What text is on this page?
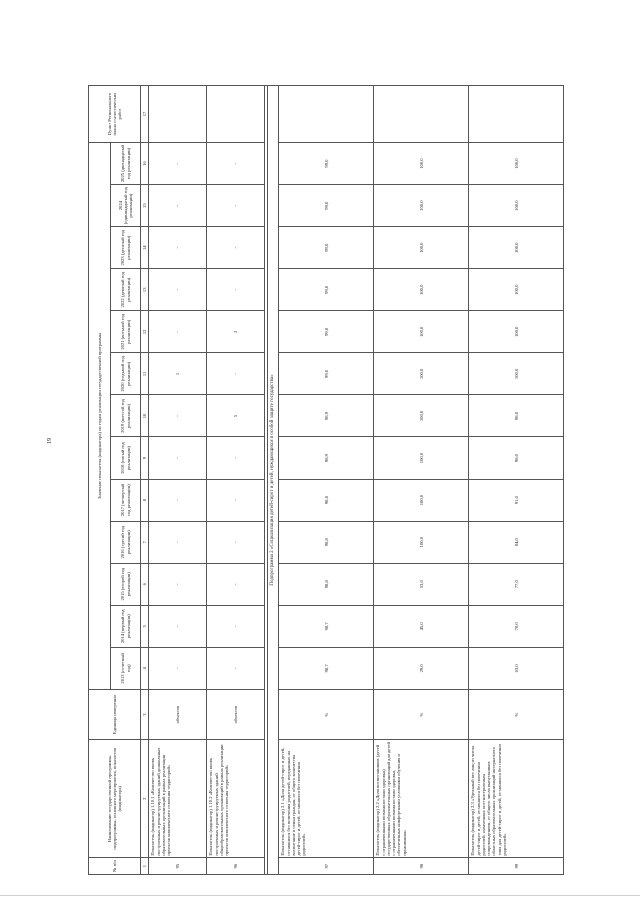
19
№ п/п	Наименование государственной программы, подпрограммы, основного мероприятия, показателя (индикатора)	Единица измерения	Значение показателя (индикатора) по годам реализации государственной программы													Пункт Регионального плана статистических работ
			2013 (отчетный год)	2014 (первый год реализации)	2015 (второй год реализации)	2016 (третий год реализации)	2017 (четвертый год реализации)	2018 (пятый год реализации)	2019 (шестой год реализации)	2020 (седьмой год реализации)	2021 (восьмой год реализации)	2022 (девятый год реализации)	2023 (десятый год реализации)	2024 (одиннадцатый год реализации)	2025 (двенадцатый год реализации)	
1	2	3	4	5	6	7	8	9	10	11	12	13	14	15	16	17
95	Показатель (индикатор) 1.10.1 «Количество вновь построенных и реконструируемых зданий дошкольных образовательных организаций в рамках реализации проектов комплексного освоения территорий»	объектов	-	-	-	-	-	-	-	1	-	-	-	-	-	
96	Показатель (индикатор) 1.10.2 «Количество вновь построенных и реконструируемых зданий общеобразовательных организаций в рамках реализации проектов комплексного освоения территорий»	объектов	-	-	-	-	-	-	5	-	2	-	-	-	-	

Подпрограмма 2 «Социализация детей-сирот и детей, нуждающихся в особой защите государства»																
97	Показатель (индикатор) 2.1 «Доля детей-сирот и детей, оставшихся без попечения родителей, переданных на воспитание в семьи граждан, от общего количества детей-сирот и детей, оставшихся без попечения родителей»	%	98,7	98,7	98,8	98,8	98,8	98,9	98,9	99,0	99,0	99,0	99,0	99,0	99,0	
98	Показатель (индикатор) 2.2 «Доля воспитанников (детей с ограниченными возможностями здоровья) государственных образовательных организаций для детей с ограниченными возможностями здоровья, обеспеченных комфортными условиями обучения и проживания»	%	29,0	45,0	53,0	100,0	100,0	100,0	100,0	100,0	100,0	100,0	100,0	100,0	100,0	
99	Показатель (индикатор) 2.3 «Удельный вес лиц из числа детей-сирот и детей, оставшихся без попечения родителей, охваченных постинтернатным сопровождением, от общего числа выпускников областных образовательных организаций интернатного типа для детей-сирот и детей, оставшихся без попечения родителей»	%	63,0	70,0	77,0	84,0	91,0	98,0	98,0	100,0	100,0	100,0	100,0	100,0	100,0	
